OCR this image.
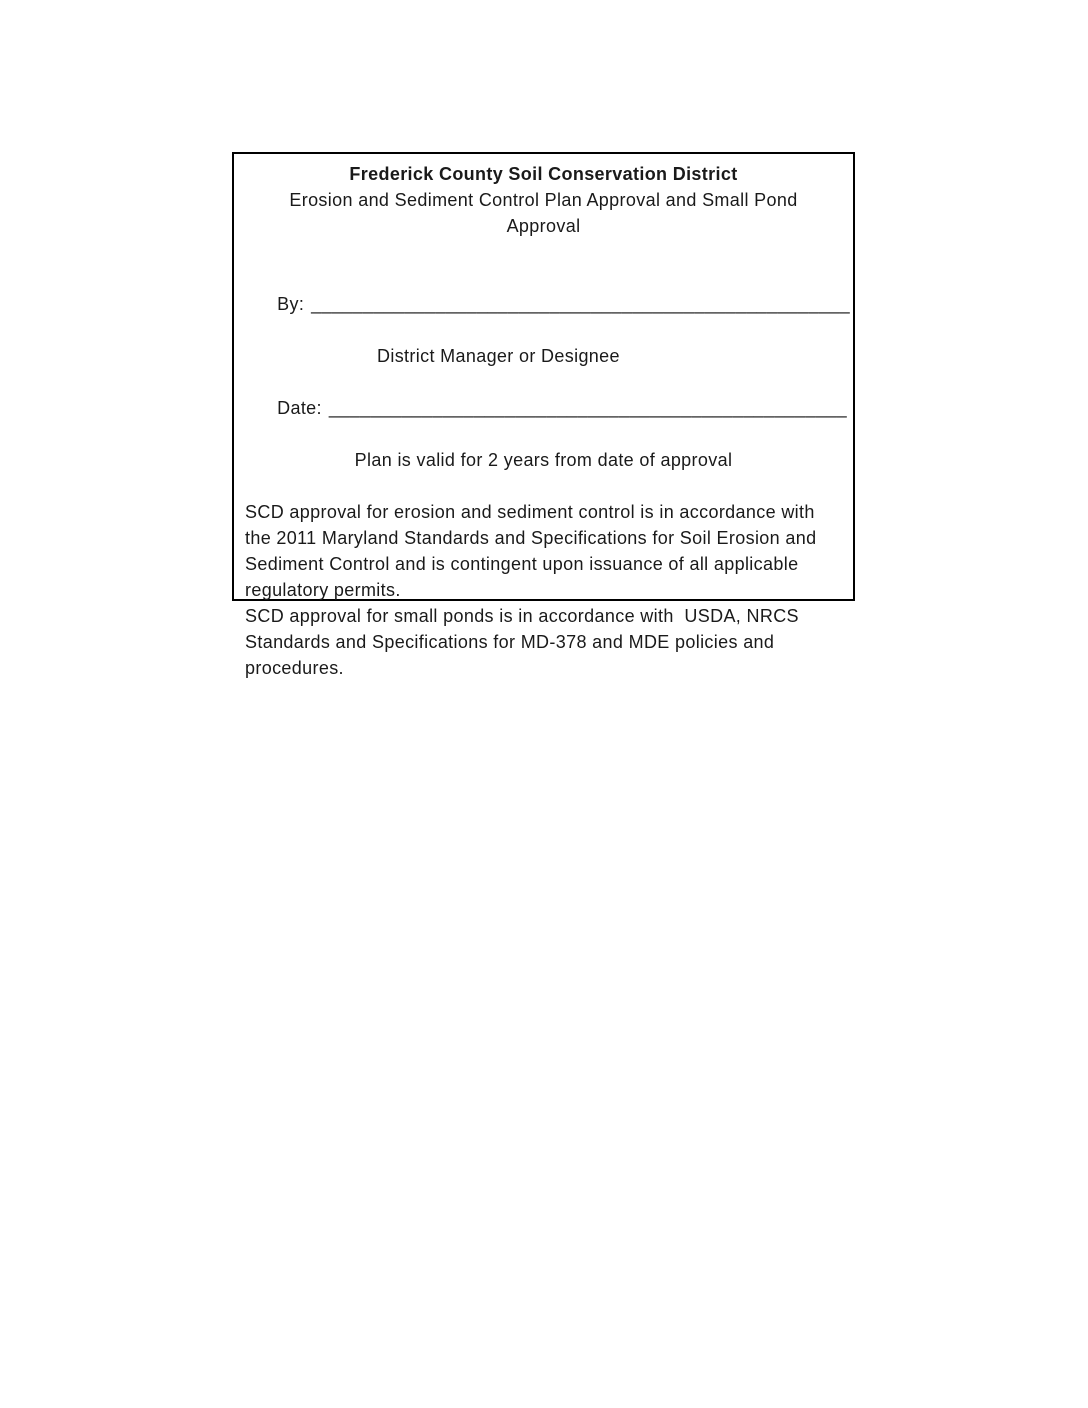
Frederick County Soil Conservation District
Erosion and Sediment Control Plan Approval and Small Pond
Approval

By: ____________________________________________________

District Manager or Designee

Date: __________________________________________________

Plan is valid for 2 years from date of approval
SCD approval for erosion and sediment control is in accordance with
the 2011 Maryland Standards and Specifications for Soil Erosion and
Sediment Control and is contingent upon issuance of all applicable
regulatory permits.
SCD approval for small ponds is in accordance with  USDA, NRCS
Standards and Specifications for MD-378 and MDE policies and
procedures.
